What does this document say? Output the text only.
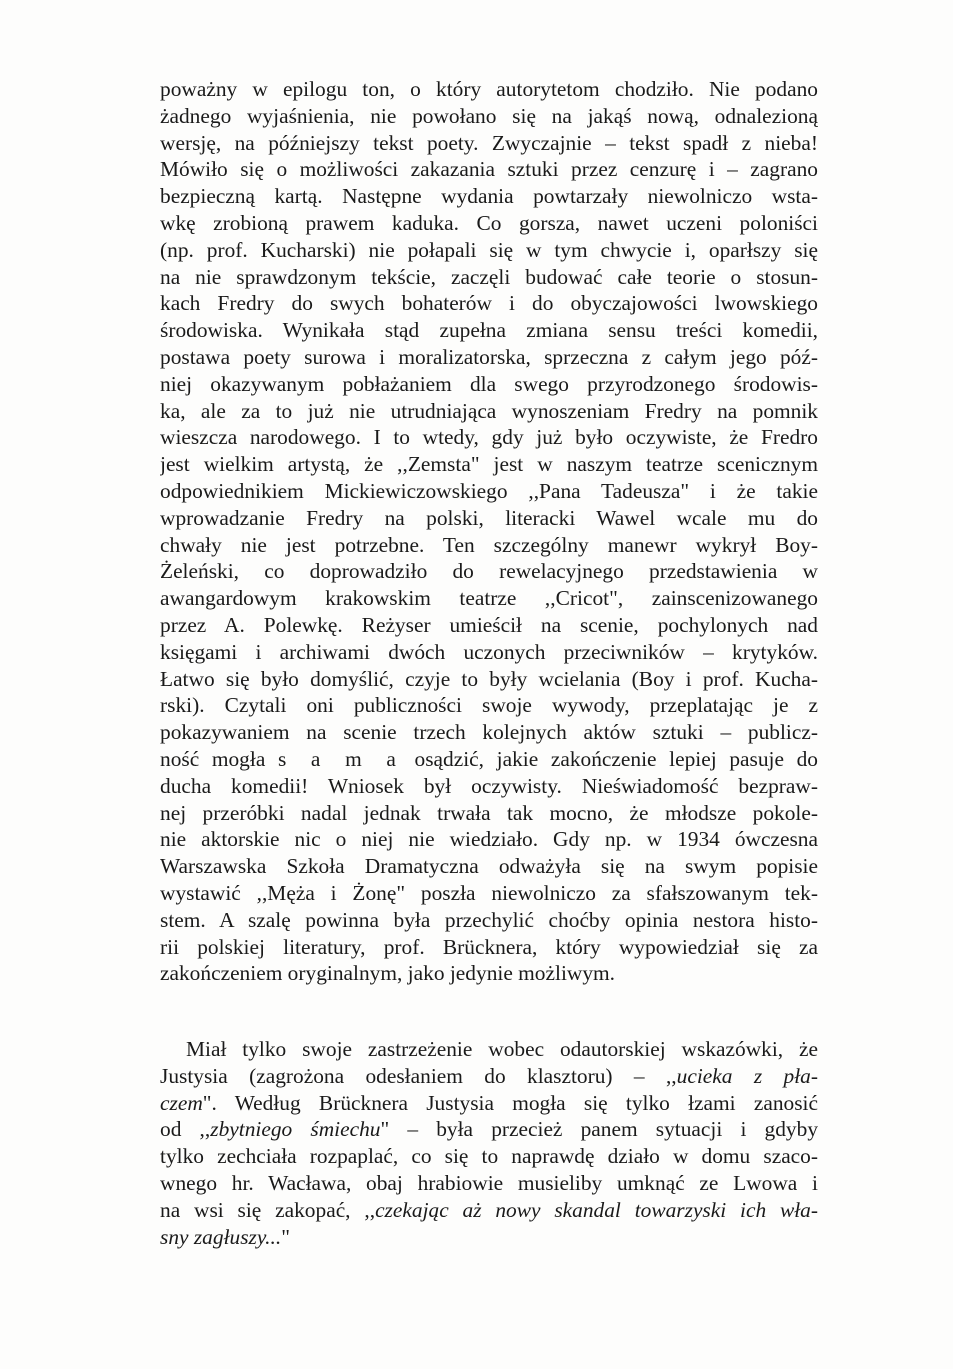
poważny w epilogu ton, o który autorytetom chodziło. Nie podano
żadnego wyjaśnienia, nie powołano się na jakąś nową, odnalezioną
wersję, na późniejszy tekst poety. Zwyczajnie – tekst spadł z nieba!
Mówiło się o możliwości zakazania sztuki przez cenzurę i – zagrano
bezpieczną kartą. Następne wydania powtarzały niewolniczo wsta-
wkę zrobioną prawem kaduka. Co gorsza, nawet uczeni poloniści
(np. prof. Kucharski) nie połapali się w tym chwycie i, oparłszy się
na nie sprawdzonym tekście, zaczęli budować całe teorie o stosun-
kach Fredry do swych bohaterów i do obyczajowości lwowskiego
środowiska. Wynikała stąd zupełna zmiana sensu treści komedii,
postawa poety surowa i moralizatorska, sprzeczna z całym jego póź-
niej okazywanym pobłażaniem dla swego przyrodzonego środowis-
ka, ale za to już nie utrudniająca wynoszeniam Fredry na pomnik
wieszcza narodowego. I to wtedy, gdy już było oczywiste, że Fredro
jest wielkim artystą, że ,,Zemsta" jest w naszym teatrze scenicznym
odpowiednikiem Mickiewiczowskiego ,,Pana Tadeusza" i że takie
wprowadzanie Fredry na polski, literacki Wawel wcale mu do
chwały nie jest potrzebne. Ten szczególny manewr wykrył Boy-
Żeleński, co doprowadziło do rewelacyjnego przedstawienia w
awangardowym krakowskim teatrze ,,Cricot", zainscenizowanego
przez A. Polewkę. Reżyser umieścił na scenie, pochylonych nad
księgami i archiwami dwóch uczonych przeciwników – krytyków.
Łatwo się było domyślić, czyje to były wcielania (Boy i prof. Kucha-
rski). Czytali oni publiczności swoje wywody, przeplatając je z
pokazywaniem na scenie trzech kolejnych aktów sztuki – publicz-
ność mogła s a m a osądzić, jakie zakończenie lepiej pasuje do
ducha komedii! Wniosek był oczywisty. Nieświadomość bezpraw-
nej przeróbki nadal jednak trwała tak mocno, że młodsze pokole-
nie aktorskie nic o niej nie wiedziało. Gdy np. w 1934 ówczesna
Warszawska Szkoła Dramatyczna odważyła się na swym popisie
wystawić ,,Męża i Żonę" poszła niewolniczo za sfałszowanym tek-
stem. A szalę powinna była przechylić choćby opinia nestora histo-
rii polskiej literatury, prof. Brücknera, który wypowiedział się za
zakończeniem oryginalnym, jako jedynie możliwym.
Miał tylko swoje zastrzeżenie wobec odautorskiej wskazówki, że
Justysia (zagrożona odesłaniem do klasztoru) – ,,ucieka z pła-
czem". Według Brücknera Justysia mogła się tylko łzami zanosić
od ,,zbytniego śmiechu" – była przecież panem sytuacji i gdyby
tylko zechciała rozpaplać, co się to naprawdę działo w domu szaco-
wnego hr. Wacława, obaj hrabiowie musieliby umknąć ze Lwowa i
na wsi się zakopać, ,,czekając aż nowy skandal towarzyski ich wła-
sny zagłuszy..."
